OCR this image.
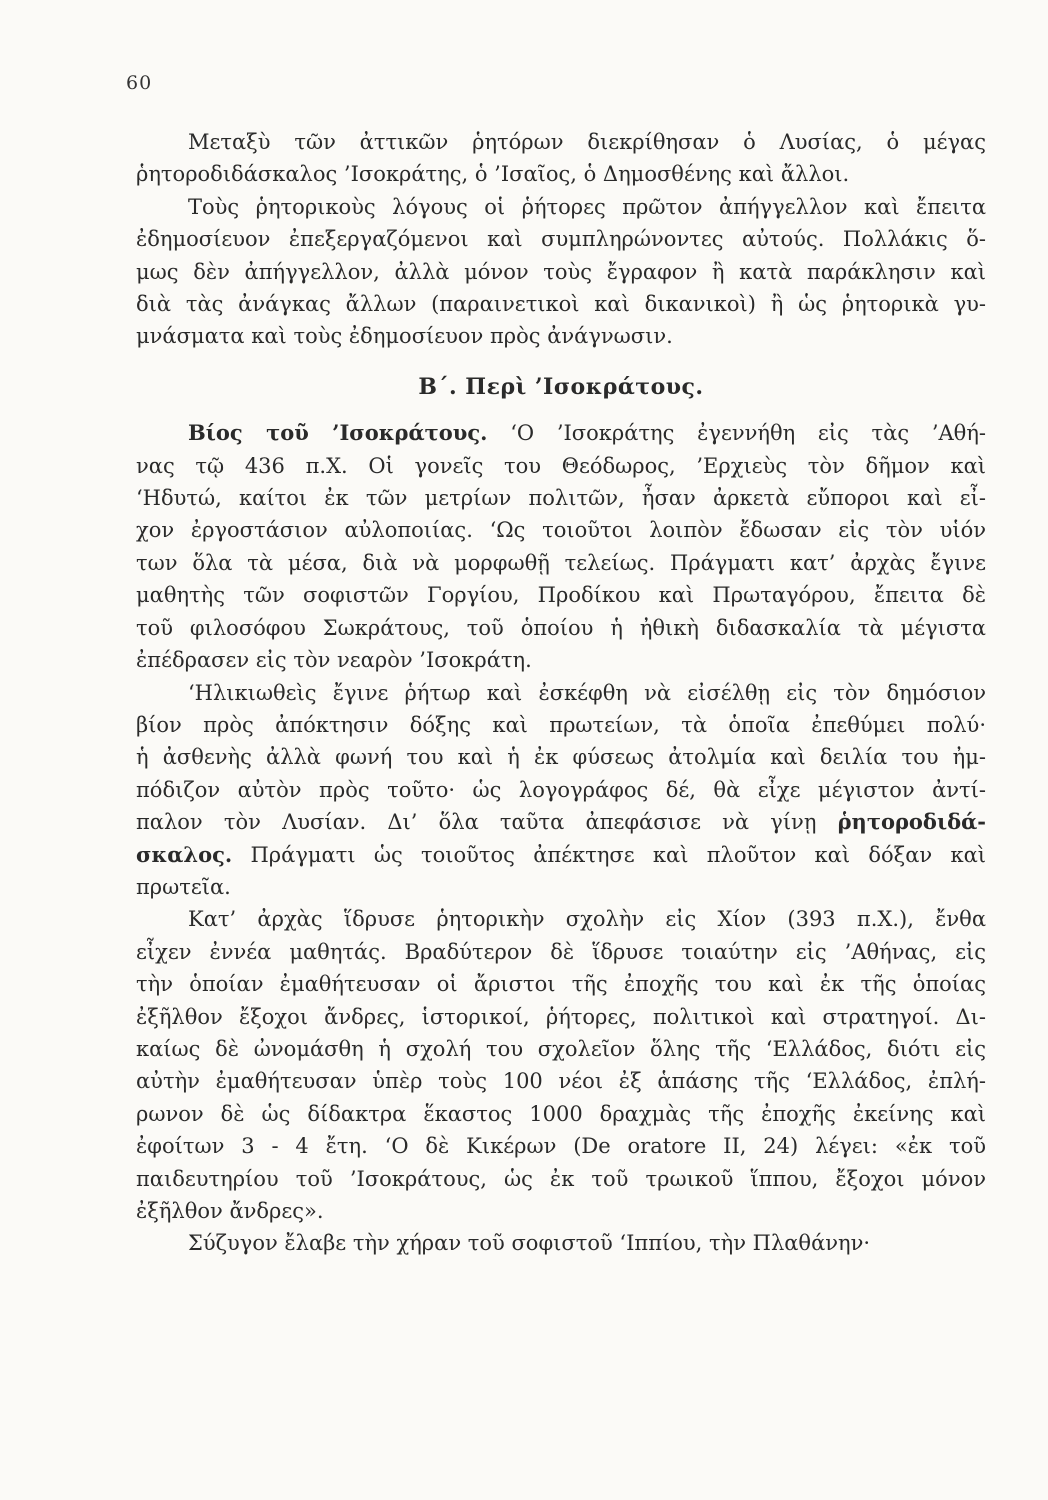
60
Μεταξὺ τῶν ἀττικῶν ῥητόρων διεκρίθησαν ὁ Λυσίας, ὁ μέγας
ῥητοροδιδάσκαλος ’Ισοκράτης, ὁ ’Ισαῖος, ὁ Δημοσθένης καὶ ἄλλοι.
Τοὺς ῥητορικοὺς λόγους οἱ ῥήτορες πρῶτον ἀπήγγελλον καὶ ἔπειτα
ἐδημοσίευον ἐπεξεργαζόμενοι καὶ συμπληρώνοντες αὐτούς. Πολλάκις ὅ-
μως δὲν ἀπήγγελλον, ἀλλὰ μόνον τοὺς ἔγραφον ἢ κατὰ παράκλησιν καὶ
διὰ τὰς ἀνάγκας ἄλλων (παραινετικοὶ καὶ δικανικοὶ) ἢ ὡς ῥητορικὰ γυ-
μνάσματα καὶ τοὺς ἐδημοσίευον πρὸς ἀνάγνωσιν.
Β΄. Περὶ ’Ισοκράτους.
Βίος τοῦ ’Ισοκράτους. ‘Ο ’Ισοκράτης ἐγεννήθη εἰς τὰς ’Αθή-
νας τῷ 436 π.Χ. Οἱ γονεῖς του Θεόδωρος, ’Ερχιεὺς τὸν δῆμον καὶ
‘Ηδυτώ, καίτοι ἐκ τῶν μετρίων πολιτῶν, ἦσαν ἀρκετὰ εὔποροι καὶ εἶ-
χον ἐργοστάσιον αὐλοποιίας. ‘Ως τοιοῦτοι λοιπὸν ἔδωσαν εἰς τὸν υἱόν
των ὅλα τὰ μέσα, διὰ νὰ μορφωθῇ τελείως. Πράγματι κατ’ ἀρχὰς ἔγινε
μαθητὴς τῶν σοφιστῶν Γοργίου, Προδίκου καὶ Πρωταγόρου, ἔπειτα δὲ
τοῦ φιλοσόφου Σωκράτους, τοῦ ὁποίου ἡ ἠθικὴ διδασκαλία τὰ μέγιστα
ἐπέδρασεν εἰς τὸν νεαρὸν ’Ισοκράτη.
‘Ηλικιωθεὶς ἔγινε ῥήτωρ καὶ ἐσκέφθη νὰ εἰσέλθῃ εἰς τὸν δημόσιον
βίον πρὸς ἀπόκτησιν δόξης καὶ πρωτείων, τὰ ὁποῖα ἐπεθύμει πολύ·
ἡ ἀσθενὴς ἀλλὰ φωνή του καὶ ἡ ἐκ φύσεως ἀτολμία καὶ δειλία του ἠμ-
πόδιζον αὐτὸν πρὸς τοῦτο· ὡς λογογράφος δέ, θὰ εἶχε μέγιστον ἀντί-
παλον τὸν Λυσίαν. Δι’ ὅλα ταῦτα ἀπεφάσισε νὰ γίνῃ ῥητοροδιδά-
σκαλος. Πράγματι ὡς τοιοῦτος ἀπέκτησε καὶ πλοῦτον καὶ δόξαν καὶ
πρωτεῖα.
Κατ’ ἀρχὰς ἵδρυσε ῥητορικὴν σχολὴν εἰς Χίον (393 π.Χ.), ἔνθα
εἶχεν ἐννέα μαθητάς. Βραδύτερον δὲ ἵδρυσε τοιαύτην εἰς ’Αθήνας, εἰς
τὴν ὁποίαν ἐμαθήτευσαν οἱ ἄριστοι τῆς ἐποχῆς του καὶ ἐκ τῆς ὁποίας
ἐξῆλθον ἔξοχοι ἄνδρες, ἱστορικοί, ῥήτορες, πολιτικοὶ καὶ στρατηγοί. Δι-
καίως δὲ ὠνομάσθη ἡ σχολή του σχολεῖον ὅλης τῆς ‘Ελλάδος, διότι εἰς
αὐτὴν ἐμαθήτευσαν ὑπὲρ τοὺς 100 νέοι ἐξ ἁπάσης τῆς ‘Ελλάδος, ἐπλή-
ρωνον δὲ ὡς δίδακτρα ἕκαστος 1000 δραχμὰς τῆς ἐποχῆς ἐκείνης καὶ
ἐφοίτων 3 - 4 ἔτη. ‘Ο δὲ Κικέρων (De oratore II, 24) λέγει: «ἐκ τοῦ
παιδευτηρίου τοῦ ’Ισοκράτους, ὡς ἐκ τοῦ τρωικοῦ ἵππου, ἔξοχοι μόνον
ἐξῆλθον ἄνδρες».
Σύζυγον ἔλαβε τὴν χήραν τοῦ σοφιστοῦ ‘Ιππίου, τὴν Πλαθάνην·
